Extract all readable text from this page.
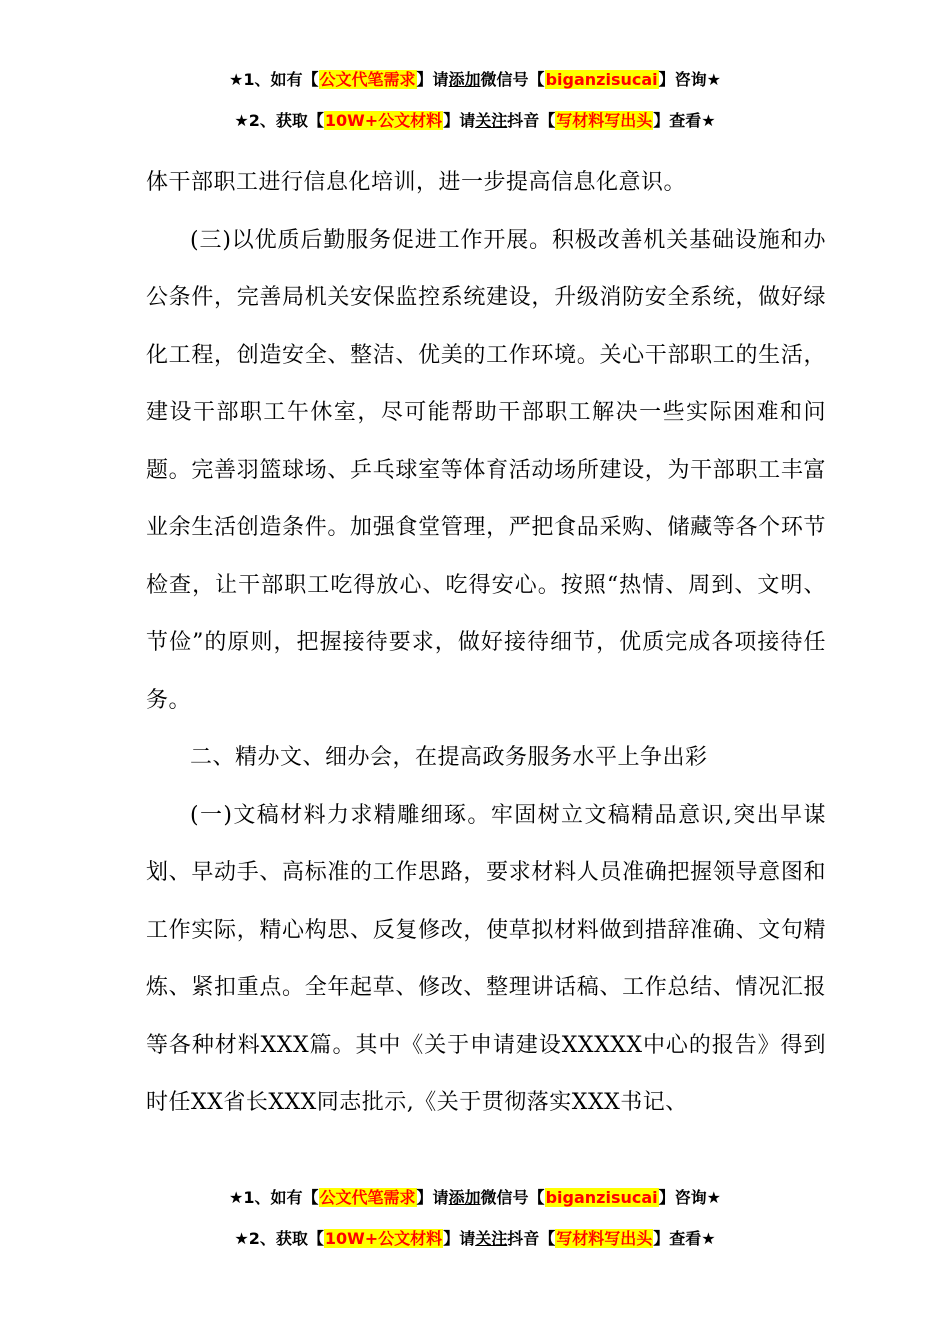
★1、如有【公文代笔需求】请添加微信号【biganzisucai】咨询★
★2、获取【10W+公文材料】请关注抖音【写材料写出头】查看★

体干部职工进行信息化培训，进一步提高信息化意识。

(三)以优质后勤服务促进工作开展。积极改善机关基础设施和办公条件，完善局机关安保监控系统建设，升级消防安全系统，做好绿化工程，创造安全、整洁、优美的工作环境。关心干部职工的生活，建设干部职工午休室，尽可能帮助干部职工解决一些实际困难和问题。完善羽篮球场、乒乓球室等体育活动场所建设，为干部职工丰富业余生活创造条件。加强食堂管理，严把食品采购、储藏等各个环节检查，让干部职工吃得放心、吃得安心。按照“热情、周到、文明、节俭”的原则，把握接待要求，做好接待细节，优质完成各项接待任务。

二、精办文、细办会，在提高政务服务水平上争出彩

(一)文稿材料力求精雕细琢。牢固树立文稿精品意识,突出早谋划、早动手、高标准的工作思路，要求材料人员准确把握领导意图和工作实际，精心构思、反复修改，使草拟材料做到措辞准确、文句精炼、紧扣重点。全年起草、修改、整理讲话稿、工作总结、情况汇报等各种材料XXX篇。其中《关于申请建设XXXXX中心的报告》得到时任XX省长XXX同志批示,《关于贯彻落实XXX书记、

★1、如有【公文代笔需求】请添加微信号【biganzisucai】咨询★
★2、获取【10W+公文材料】请关注抖音【写材料写出头】查看★
